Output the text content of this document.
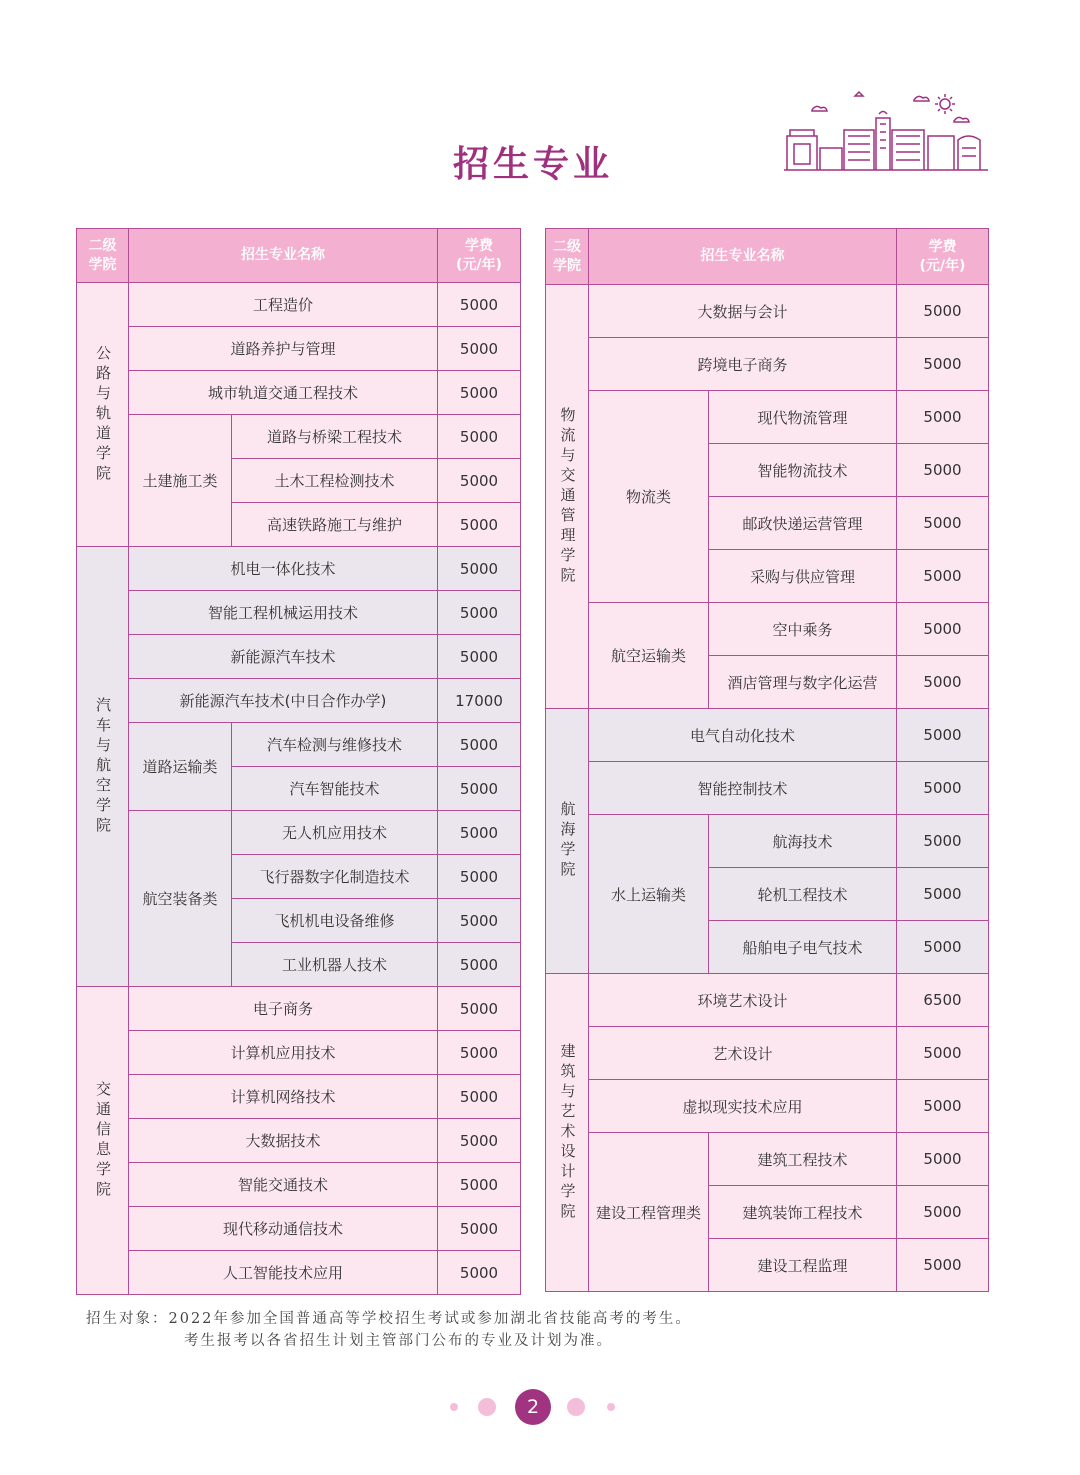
招生专业
二级
学院	招生专业名称		学费
(元/年)
公路与轨道学院	工程造价		5000
	道路养护与管理		5000
	城市轨道交通工程技术		5000
	土建施工类	道路与桥梁工程技术	5000
		土木工程检测技术	5000
		高速铁路施工与维护	5000
汽车与航空学院	机电一体化技术		5000
	智能工程机械运用技术		5000
	新能源汽车技术		5000
	新能源汽车技术(中日合作办学)		17000
	道路运输类	汽车检测与维修技术	5000
		汽车智能技术	5000
	航空装备类	无人机应用技术	5000
		飞行器数字化制造技术	5000
		飞机机电设备维修	5000
		工业机器人技术	5000
交通信息学院	电子商务		5000
	计算机应用技术		5000
	计算机网络技术		5000
	大数据技术		5000
	智能交通技术		5000
	现代移动通信技术		5000
	人工智能技术应用		5000
二级
学院	招生专业名称		学费
(元/年)
物流与交通管理学院	大数据与会计		5000
	跨境电子商务		5000
	物流类	现代物流管理	5000
		智能物流技术	5000
		邮政快递运营管理	5000
		采购与供应管理	5000
	航空运输类	空中乘务	5000
		酒店管理与数字化运营	5000
航海学院	电气自动化技术		5000
	智能控制技术		5000
	水上运输类	航海技术	5000
		轮机工程技术	5000
		船舶电子电气技术	5000
建筑与艺术设计学院	环境艺术设计		6500
	艺术设计		5000
	虚拟现实技术应用		5000
	建设工程管理类	建筑工程技术	5000
		建筑装饰工程技术	5000
		建设工程监理	5000
招生对象：2022年参加全国普通高等学校招生考试或参加湖北省技能高考的考生。
考生报考以各省招生计划主管部门公布的专业及计划为准。
2
